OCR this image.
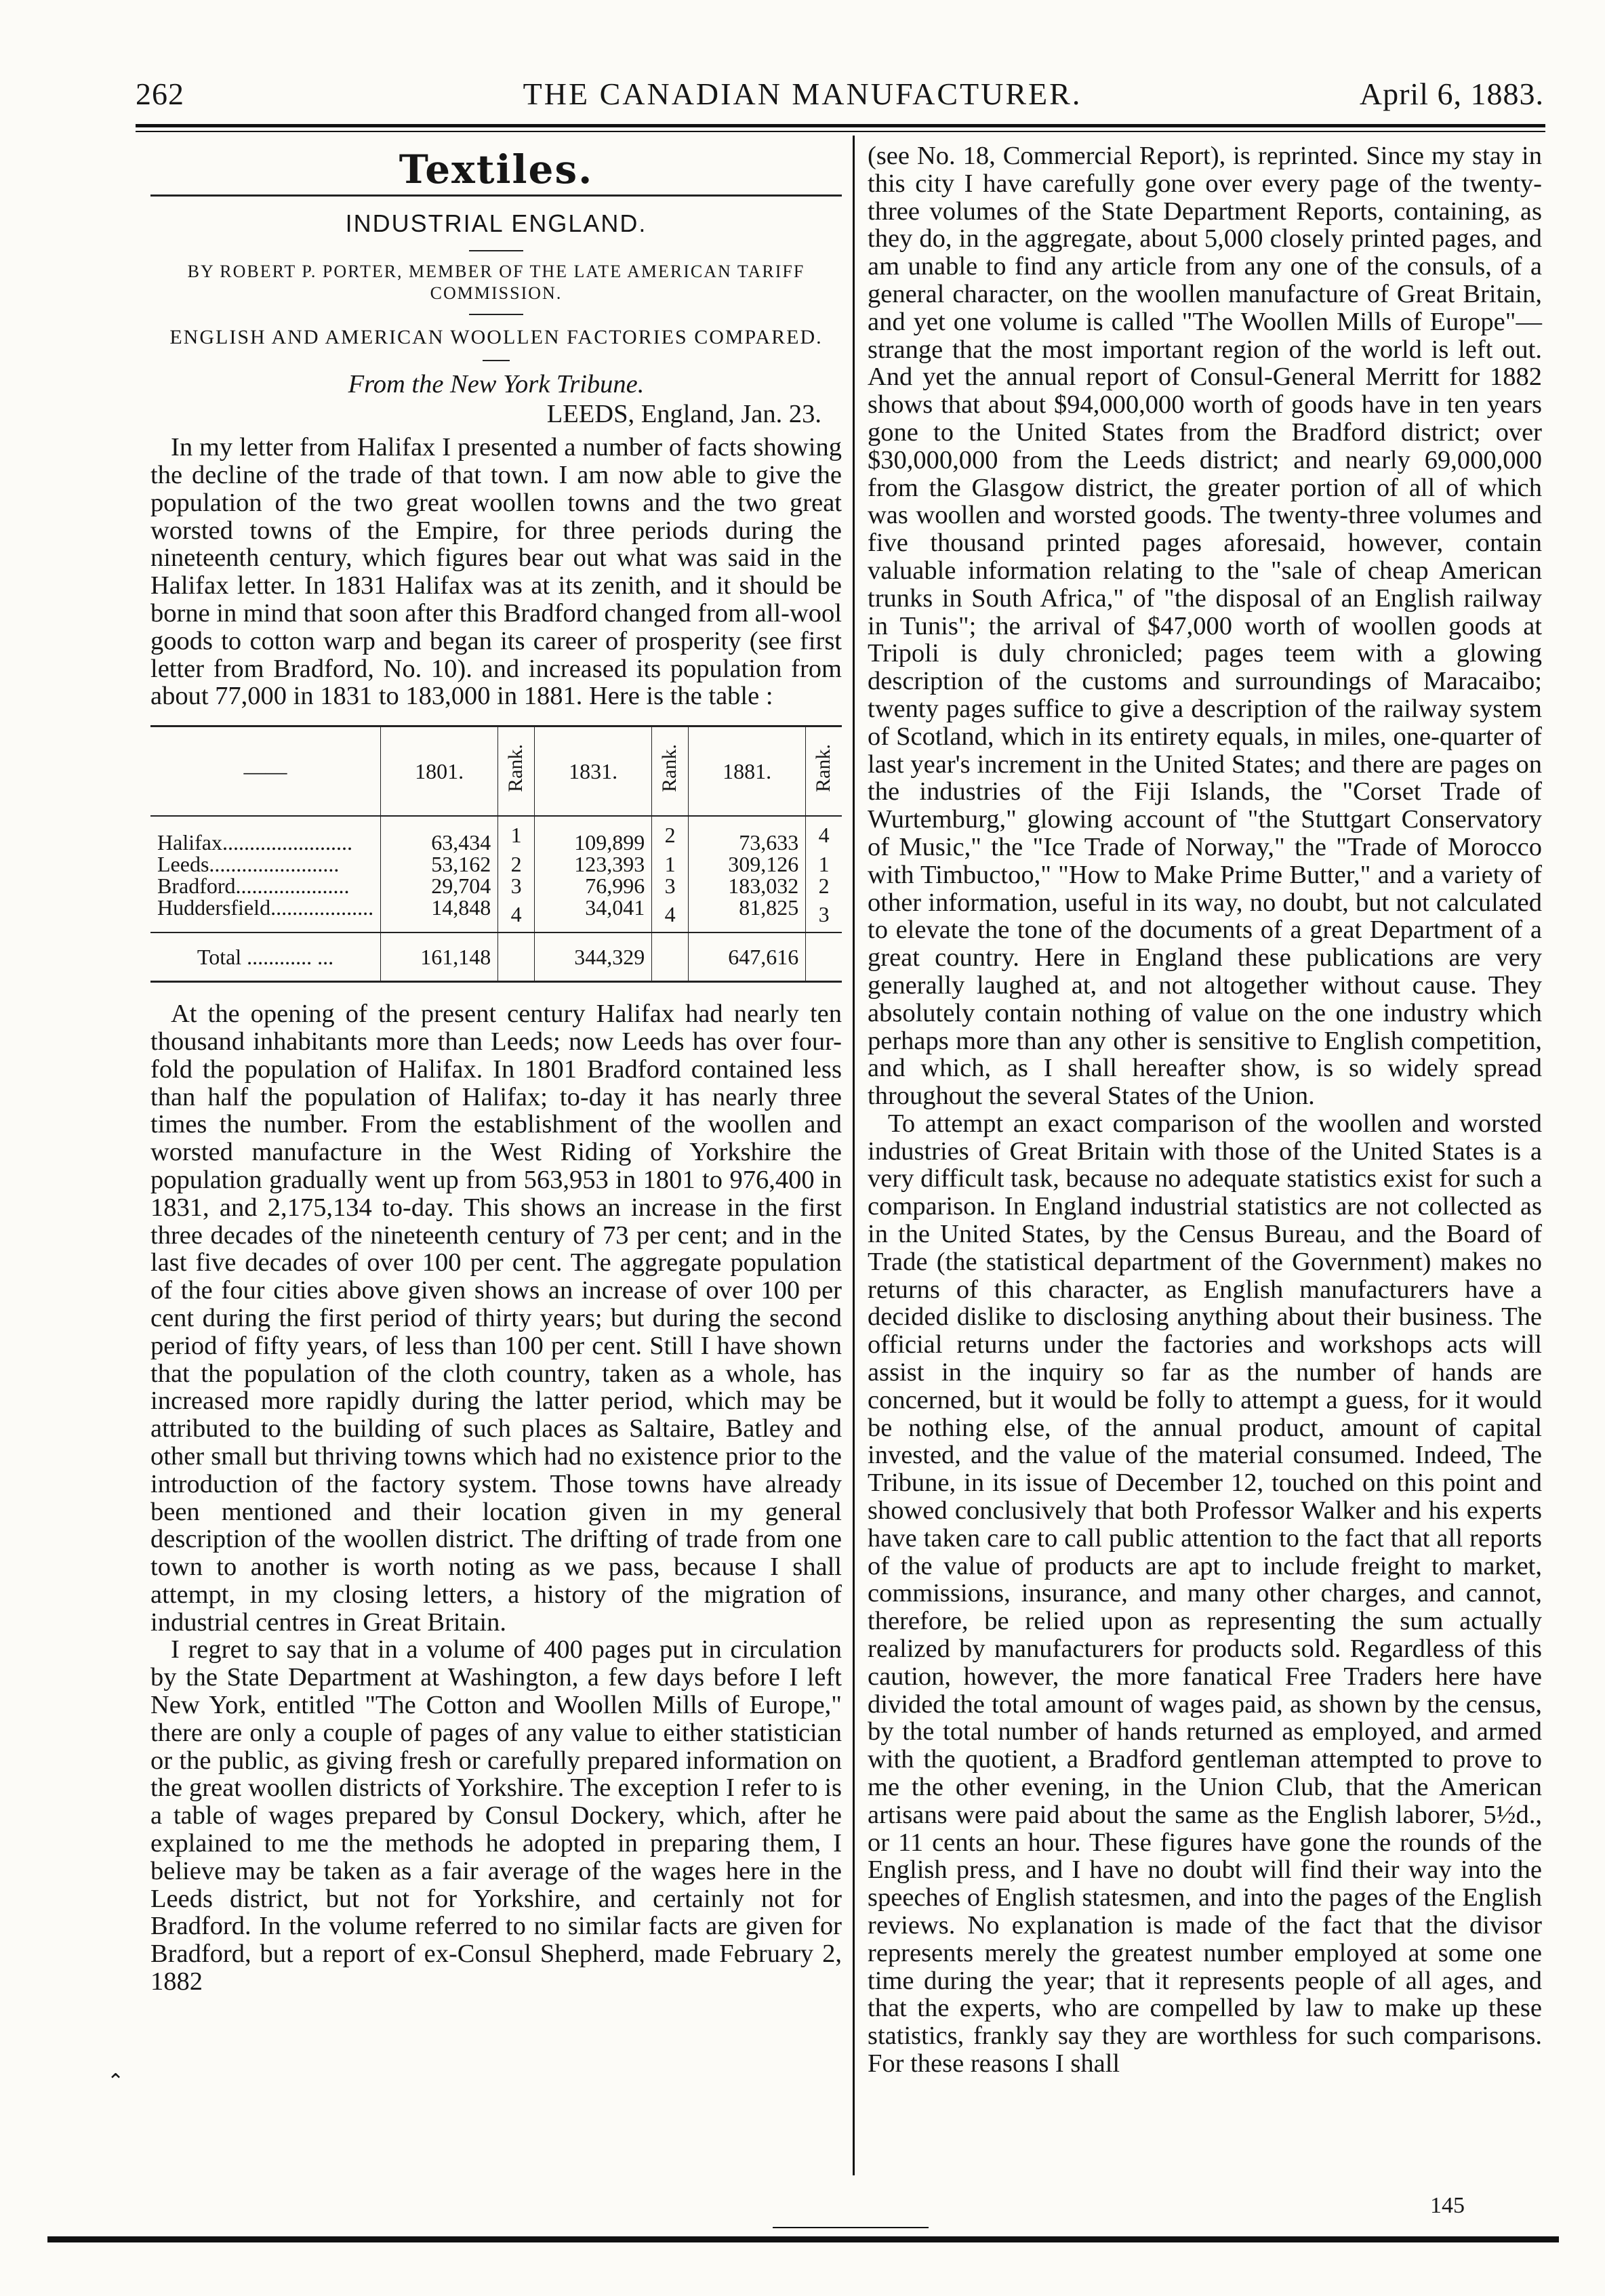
262	THE CANADIAN MANUFACTURER.	April 6, 1883.
Textiles.
INDUSTRIAL ENGLAND.
BY ROBERT P. PORTER, MEMBER OF THE LATE AMERICAN TARIFF COMMISSION.
ENGLISH AND AMERICAN WOOLLEN FACTORIES COMPARED.
From the New York Tribune.
LEEDS, England, Jan. 23.

In my letter from Halifax I presented a number of facts showing the decline of the trade of that town. I am now able to give the population of the two great woollen towns and the two great worsted towns of the Empire, for three periods during the nineteenth century, which figures bear out what was said in the Halifax letter. In 1831 Halifax was at its zenith, and it should be borne in mind that soon after this Bradford changed from all-wool goods to cotton warp and began its career of prosperity (see first letter from Bradford, No. 10). and increased its population from about 77,000 in 1831 to 183,000 in 1881. Here is the table :

——	1801.	Rank.	1831.	Rank.	1881.	Rank.
Halifax........................	63,434	1	109,899	2	73,633	4
Leeds........................	53,162	2	123,393	1	309,126	1
Bradford.....................	29,704	3	76,996	3	183,032	2
Huddersfield...................	14,848	4	34,041	4	81,825	3
Total ............ ...	161,148		344,329		647,616	

At the opening of the present century Halifax had nearly ten thousand inhabitants more than Leeds; now Leeds has over four-fold the population of Halifax. In 1801 Bradford contained less than half the population of Halifax; to-day it has nearly three times the number. From the establishment of the woollen and worsted manufacture in the West Riding of Yorkshire the population gradually went up from 563,953 in 1801 to 976,400 in 1831, and 2,175,134 to-day. This shows an increase in the first three decades of the nineteenth century of 73 per cent; and in the last five decades of over 100 per cent. The aggregate population of the four cities above given shows an increase of over 100 per cent during the first period of thirty years; but during the second period of fifty years, of less than 100 per cent. Still I have shown that the population of the cloth country, taken as a whole, has increased more rapidly during the latter period, which may be attributed to the building of such places as Saltaire, Batley and other small but thriving towns which had no existence prior to the introduction of the factory system. Those towns have already been mentioned and their location given in my general description of the woollen district. The drifting of trade from one town to another is worth noting as we pass, because I shall attempt, in my closing letters, a history of the migration of industrial centres in Great Britain.

I regret to say that in a volume of 400 pages put in circulation by the State Department at Washington, a few days before I left New York, entitled "The Cotton and Woollen Mills of Europe," there are only a couple of pages of any value to either statistician or the public, as giving fresh or carefully prepared information on the great woollen districts of Yorkshire. The exception I refer to is a table of wages prepared by Consul Dockery, which, after he explained to me the methods he adopted in preparing them, I believe may be taken as a fair average of the wages here in the Leeds district, but not for Yorkshire, and certainly not for Bradford. In the volume referred to no similar facts are given for Bradford, but a report of ex-Consul Shepherd, made February 2, 1882

(see No. 18, Commercial Report), is reprinted. Since my stay in this city I have carefully gone over every page of the twenty-three volumes of the State Department Reports, containing, as they do, in the aggregate, about 5,000 closely printed pages, and am unable to find any article from any one of the consuls, of a general character, on the woollen manufacture of Great Britain, and yet one volume is called "The Woollen Mills of Europe"—strange that the most important region of the world is left out. And yet the annual report of Consul-General Merritt for 1882 shows that about $94,000,000 worth of goods have in ten years gone to the United States from the Bradford district; over $30,000,000 from the Leeds district; and nearly 69,000,000 from the Glasgow district, the greater portion of all of which was woollen and worsted goods. The twenty-three volumes and five thousand printed pages aforesaid, however, contain valuable information relating to the "sale of cheap American trunks in South Africa," of "the disposal of an English railway in Tunis"; the arrival of $47,000 worth of woollen goods at Tripoli is duly chronicled; pages teem with a glowing description of the customs and surroundings of Maracaibo; twenty pages suffice to give a description of the railway system of Scotland, which in its entirety equals, in miles, one-quarter of last year's increment in the United States; and there are pages on the industries of the Fiji Islands, the "Corset Trade of Wurtemburg," glowing account of "the Stuttgart Conservatory of Music," the "Ice Trade of Norway," the "Trade of Morocco with Timbuctoo," "How to Make Prime Butter," and a variety of other information, useful in its way, no doubt, but not calculated to elevate the tone of the documents of a great Department of a great country. Here in England these publications are very generally laughed at, and not altogether without cause. They absolutely contain nothing of value on the one industry which perhaps more than any other is sensitive to English competition, and which, as I shall hereafter show, is so widely spread throughout the several States of the Union.

To attempt an exact comparison of the woollen and worsted industries of Great Britain with those of the United States is a very difficult task, because no adequate statistics exist for such a comparison. In England industrial statistics are not collected as in the United States, by the Census Bureau, and the Board of Trade (the statistical department of the Government) makes no returns of this character, as English manufacturers have a decided dislike to disclosing anything about their business. The official returns under the factories and workshops acts will assist in the inquiry so far as the number of hands are concerned, but it would be folly to attempt a guess, for it would be nothing else, of the annual product, amount of capital invested, and the value of the material consumed. Indeed, The Tribune, in its issue of December 12, touched on this point and showed conclusively that both Professor Walker and his experts have taken care to call public attention to the fact that all reports of the value of products are apt to include freight to market, commissions, insurance, and many other charges, and cannot, therefore, be relied upon as representing the sum actually realized by manufacturers for products sold. Regardless of this caution, however, the more fanatical Free Traders here have divided the total amount of wages paid, as shown by the census, by the total number of hands returned as employed, and armed with the quotient, a Bradford gentleman attempted to prove to me the other evening, in the Union Club, that the American artisans were paid about the same as the English laborer, 5½d., or 11 cents an hour. These figures have gone the rounds of the English press, and I have no doubt will find their way into the speeches of English statesmen, and into the pages of the English reviews. No explanation is made of the fact that the divisor represents merely the greatest number employed at some one time during the year; that it represents people of all ages, and that the experts, who are compelled by law to make up these statistics, frankly say they are worthless for such comparisons. For these reasons I shall

145
⌃
